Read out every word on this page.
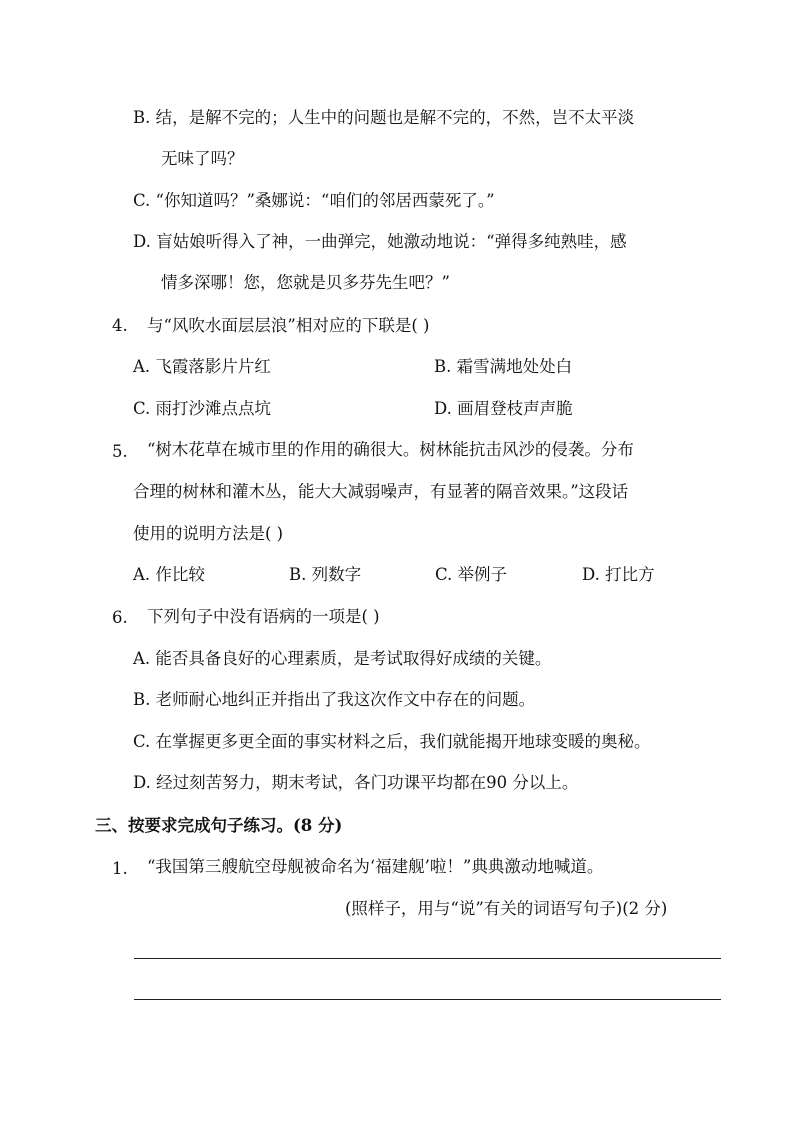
B. 结，是解不完的；人生中的问题也是解不完的，不然，岂不太平淡
无味了吗？
C. “你知道吗？”桑娜说：“咱们的邻居西蒙死了。”
D. 盲姑娘听得入了神，一曲弹完，她激动地说：“弹得多纯熟哇，感
情多深哪！您，您就是贝多芬先生吧？”
4. 与“风吹水面层层浪”相对应的下联是( )
A. 飞霞落影片片红	B. 霜雪满地处处白
C. 雨打沙滩点点坑	D. 画眉登枝声声脆
5. “树木花草在城市里的作用的确很大。树林能抗击风沙的侵袭。分布
合理的树林和灌木丛，能大大减弱噪声，有显著的隔音效果。”这段话
使用的说明方法是( )
A. 作比较	B. 列数字	C. 举例子	D. 打比方
6. 下列句子中没有语病的一项是( )
A. 能否具备良好的心理素质，是考试取得好成绩的关键。
B. 老师耐心地纠正并指出了我这次作文中存在的问题。
C. 在掌握更多更全面的事实材料之后，我们就能揭开地球变暖的奥秘。
D. 经过刻苦努力，期末考试，各门功课平均都在90 分以上。
三、按要求完成句子练习。(8 分)
1. “我国第三艘航空母舰被命名为‘福建舰’啦！”典典激动地喊道。
(照样子，用与“说”有关的词语写句子)(2 分)
